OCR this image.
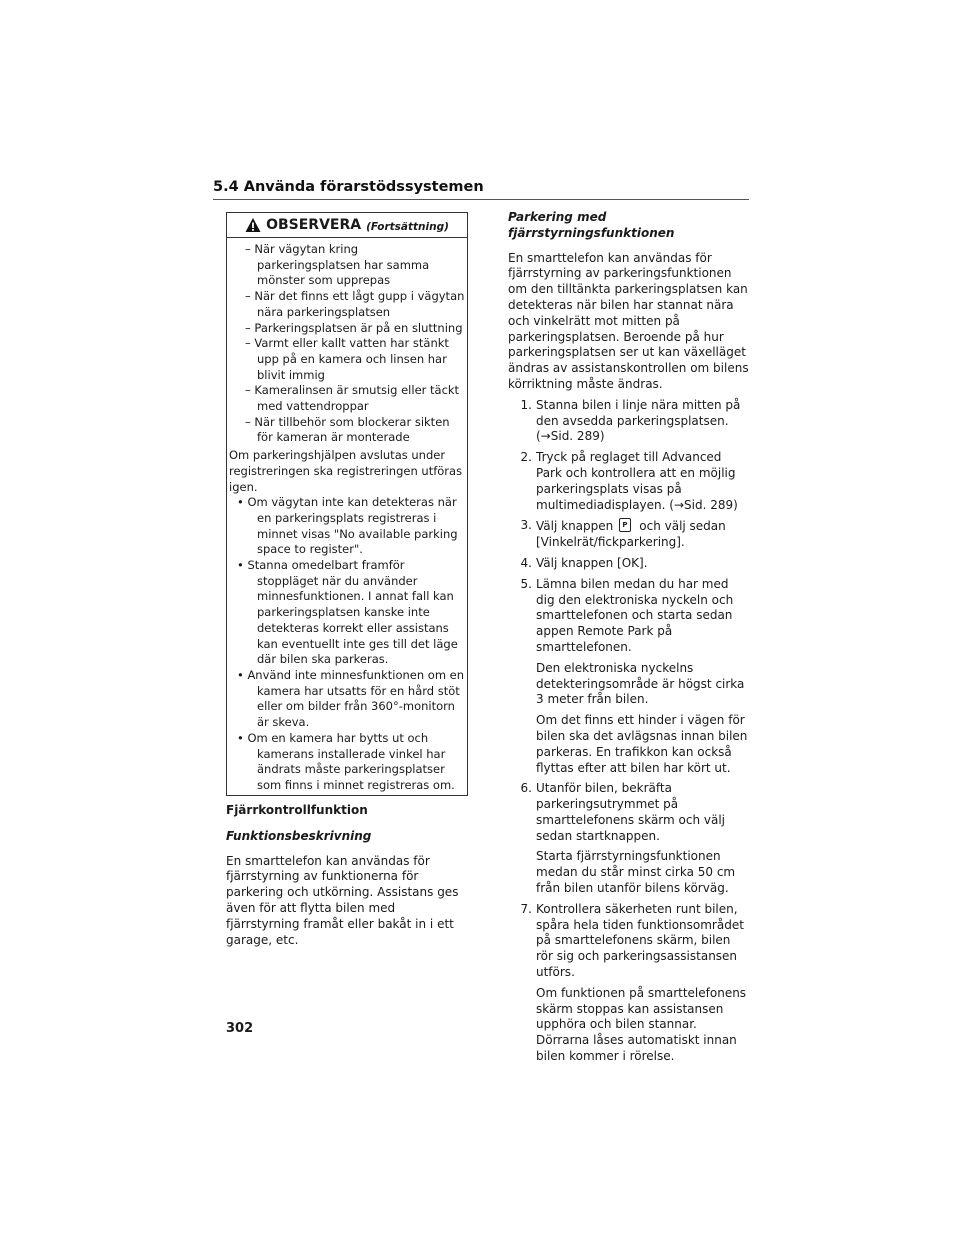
5.4 Använda förarstödssystemen
OBSERVERA (Fortsättning)
– När vägytan kring parkeringsplatsen har samma mönster som upprepas
– När det finns ett lågt gupp i vägytan nära parkeringsplatsen
– Parkeringsplatsen är på en sluttning
– Varmt eller kallt vatten har stänkt upp på en kamera och linsen har blivit immig
– Kameralinsen är smutsig eller täckt med vattendroppar
– När tillbehör som blockerar sikten för kameran är monterade
Om parkeringshjälpen avslutas under registreringen ska registreringen utföras igen.
• Om vägytan inte kan detekteras när en parkeringsplats registreras i minnet visas "No available parking space to register".
• Stanna omedelbart framför stoppläget när du använder minnesfunktionen. I annat fall kan parkeringsplatsen kanske inte detekteras korrekt eller assistans kan eventuellt inte ges till det läge där bilen ska parkeras.
• Använd inte minnesfunktionen om en kamera har utsatts för en hård stöt eller om bilder från 360°-monitorn är skeva.
• Om en kamera har bytts ut och kamerans installerade vinkel har ändrats måste parkeringsplatser som finns i minnet registreras om.
Fjärrkontrollfunktion
Funktionsbeskrivning
En smarttelefon kan användas för fjärrstyrning av funktionerna för parkering och utkörning. Assistans ges även för att flytta bilen med fjärrstyrning framåt eller bakåt in i ett garage, etc.
Parkering med fjärrstyrningsfunktionen
En smarttelefon kan användas för fjärrstyrning av parkeringsfunktionen om den tilltänkta parkeringsplatsen kan detekteras när bilen har stannat nära och vinkelrätt mot mitten på parkeringsplatsen. Beroende på hur parkeringsplatsen ser ut kan växelläget ändras av assistanskontrollen om bilens körriktning måste ändras.
1. Stanna bilen i linje nära mitten på den avsedda parkeringsplatsen. (→Sid. 289)
2. Tryck på reglaget till Advanced Park och kontrollera att en möjlig parkeringsplats visas på multimediadisplayen. (→Sid. 289)
3. Välj knappen P och välj sedan [Vinkelrät/fickparkering].
4. Välj knappen [OK].
5. Lämna bilen medan du har med dig den elektroniska nyckeln och smarttelefonen och starta sedan appen Remote Park på smarttelefonen.
Den elektroniska nyckelns detekteringsområde är högst cirka 3 meter från bilen.
Om det finns ett hinder i vägen för bilen ska det avlägsnas innan bilen parkeras. En trafikkon kan också flyttas efter att bilen har kört ut.
6. Utanför bilen, bekräfta parkeringsutrymmet på smarttelefonens skärm och välj sedan startknappen.
Starta fjärrstyrningsfunktionen medan du står minst cirka 50 cm från bilen utanför bilens körväg.
7. Kontrollera säkerheten runt bilen, spåra hela tiden funktionsområdet på smarttelefonens skärm, bilen rör sig och parkeringsassistansen utförs.
Om funktionen på smarttelefonens skärm stoppas kan assistansen upphöra och bilen stannar. Dörrarna låses automatiskt innan bilen kommer i rörelse.
302
